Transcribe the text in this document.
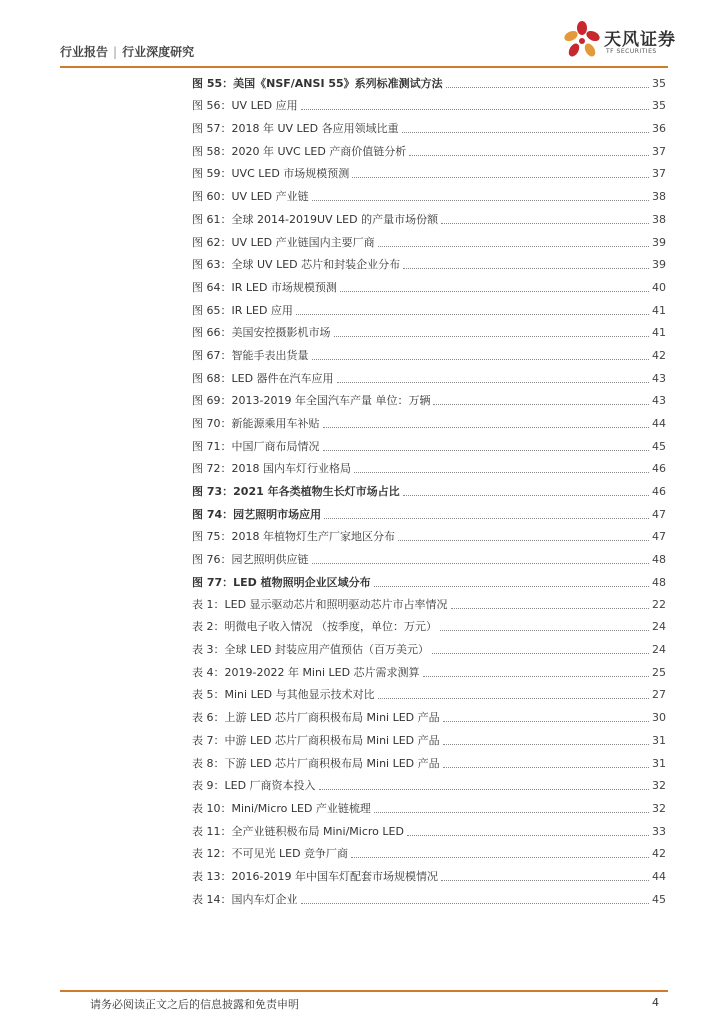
行业报告 | 行业深度研究
天风证券
TF SECURITIES
图 55：美国《NSF/ANSI 55》系列标准测试方法	35
图 56：UV LED 应用	35
图 57：2018 年 UV LED 各应用领域比重	36
图 58：2020 年 UVC LED 产商价值链分析	37
图 59：UVC LED 市场规模预测	37
图 60：UV LED 产业链	38
图 61：全球 2014-2019UV LED 的产量市场份额	38
图 62：UV LED 产业链国内主要厂商	39
图 63：全球 UV LED 芯片和封装企业分布	39
图 64：IR LED 市场规模预测	40
图 65：IR LED 应用	41
图 66：美国安控摄影机市场	41
图 67：智能手表出货量	42
图 68：LED 器件在汽车应用	43
图 69：2013-2019 年全国汽车产量 单位：万辆	43
图 70：新能源乘用车补贴	44
图 71：中国厂商布局情况	45
图 72：2018 国内车灯行业格局	46
图 73：2021 年各类植物生长灯市场占比	46
图 74：园艺照明市场应用	47
图 75：2018 年植物灯生产厂家地区分布	47
图 76：园艺照明供应链	48
图 77：LED 植物照明企业区域分布	48
表 1：LED 显示驱动芯片和照明驱动芯片市占率情况	22
表 2：明微电子收入情况 （按季度，单位：万元）	24
表 3：全球 LED 封装应用产值预估（百万美元）	24
表 4：2019-2022 年 Mini LED 芯片需求测算	25
表 5：Mini LED 与其他显示技术对比	27
表 6：上游 LED 芯片厂商积极布局 Mini LED 产品	30
表 7：中游 LED 芯片厂商积极布局 Mini LED 产品	31
表 8：下游 LED 芯片厂商积极布局 Mini LED 产品	31
表 9：LED 厂商资本投入	32
表 10：Mini/Micro LED 产业链梳理	32
表 11：全产业链积极布局 Mini/Micro LED	33
表 12：不可见光 LED 竞争厂商	42
表 13：2016-2019 年中国车灯配套市场规模情况	44
表 14：国内车灯企业	45
请务必阅读正文之后的信息披露和免责申明	4
